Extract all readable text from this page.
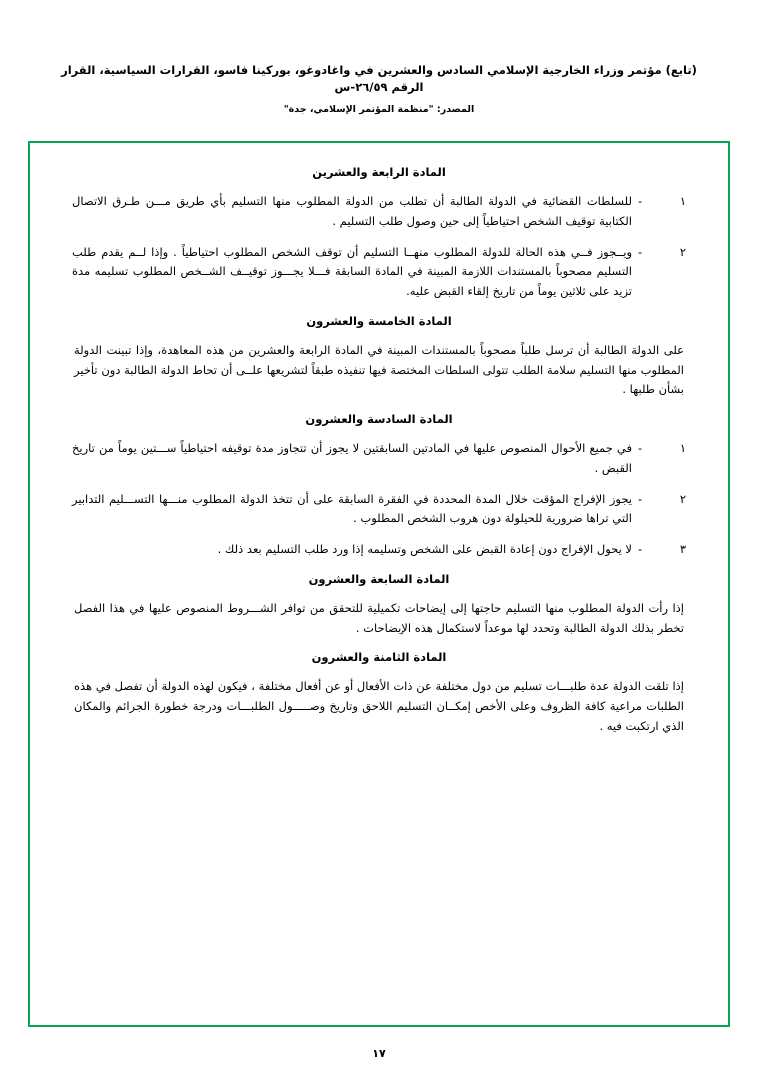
(تابع) مؤتمر وزراء الخارجية الإسلامي السادس والعشرين في واغادوغو، بوركينا فاسو، القرارات السياسية، القرار الرقم ٢٦/٥٩-س
المصدر: "منظمة المؤتمر الإسلامي، جدة"
المادة الرابعة والعشرين
١
-
للسلطات القضائية في الدولة الطالبة أن تطلب من الدولة المطلوب منها التسليم بأي طريق مـــن طـرق الاتصال الكتابية توقيف الشخص احتياطياً إلى حين وصول طلب التسليم .
٢
-
ويــجوز فــي هذه الحالة للدولة المطلوب منهــا التسليم أن توقف الشخص المطلوب احتياطياً . وإذا لــم يقدم طلب التسليم مصحوباً بالمستندات اللازمة المبينة في المادة السابقة فـــلا يجـــوز توقيــف الشــخص المطلوب تسليمه مدة تزيد على ثلاثين يوماً من تاريخ إلقاء القبض عليه.
المادة الخامسة والعشرون
على الدولة الطالبة أن ترسل طلباً مصحوباً بالمستندات المبينة في المادة الرابعة والعشرين من هذه المعاهدة، وإذا تبينت الدولة المطلوب منها التسليم سلامة الطلب تتولى السلطات المختصة فيها تنفيذه طبقاً لتشريعها علــى أن تحاط الدولة الطالبة دون تأخير بشأن طلبها .
المادة السادسة والعشرون
١
-
في جميع الأحوال المنصوص عليها في المادتين السابقتين لا يجوز أن تتجاوز مدة توقيفه احتياطياً ســـتين يوماً من تاريخ القبض .
٢
-
يجوز الإفراج المؤقت خلال المدة المحددة في الفقرة السابقة على أن تتخذ الدولة المطلوب منـــها التســـليم التدابير التي تراها ضرورية للحيلولة دون هروب الشخص المطلوب .
٣
-
لا يحول الإفراج دون إعادة القبض على الشخص وتسليمه إذا ورد طلب التسليم بعد ذلك .
المادة السابعة والعشرون
إذا رأت الدولة المطلوب منها التسليم حاجتها إلى إيضاحات تكميلية للتحقق من توافر الشـــروط المنصوص عليها في هذا الفصل تخطر بذلك الدولة الطالبة وتحدد لها موعداً لاستكمال هذه الإيضاحات .
المادة الثامنة والعشرون
إذا تلقت الدولة عدة طلبـــات تسليم من دول مختلفة عن ذات الأفعال أو عن أفعال مختلفة ، فيكون لهذه الدولة أن تفصل في هذه الطلبات مراعية كافة الظروف وعلى الأخص إمكــان التسليم اللاحق وتاريخ وصـــــول الطلبـــات ودرجة خطورة الجرائم والمكان الذي ارتكبت فيه .
١٧
